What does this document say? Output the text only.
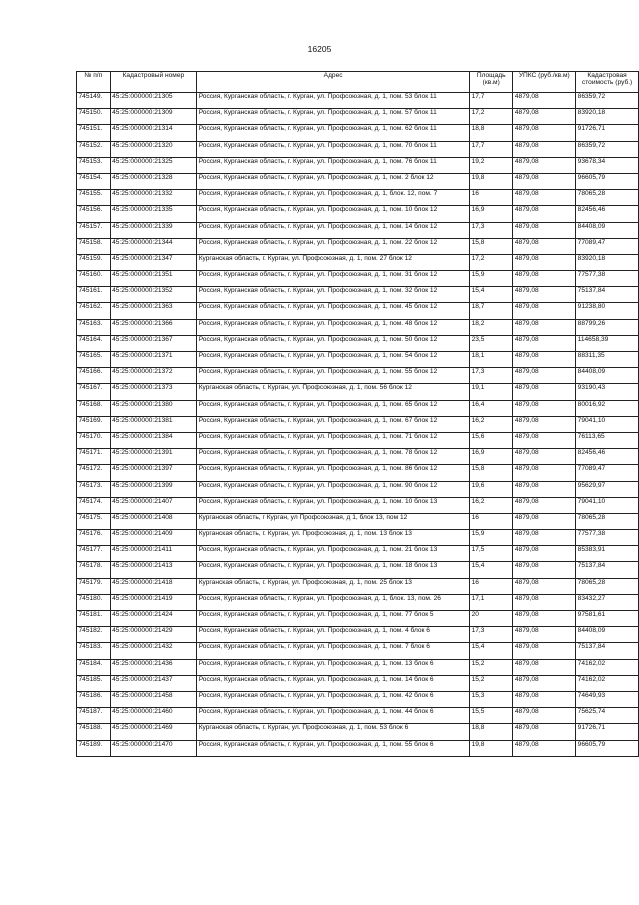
16205
№ п/п	Кадастровый номер	Адрес	Площадь (кв.м)	УПКС (руб./кв.м)	Кадастровая стоимость (руб.)
745149.	45:25:000000:21305	Россия, Курганская область, г. Курган, ул. Профсоюзная, д. 1, пом. 53 блок 11	17,7	4879,08	86359,72
745150.	45:25:000000:21309	Россия, Курганская область, г. Курган, ул. Профсоюзная, д. 1, пом. 57 блок 11	17,2	4879,08	83920,18
745151.	45:25:000000:21314	Россия, Курганская область, г. Курган, ул. Профсоюзная, д. 1, пом. 62 блок 11	18,8	4879,08	91726,71
745152.	45:25:000000:21320	Россия, Курганская область, г. Курган, ул. Профсоюзная, д. 1, пом. 70 блок 11	17,7	4879,08	86359,72
745153.	45:25:000000:21325	Россия, Курганская область, г. Курган, ул. Профсоюзная, д. 1, пом. 76 блок 11	19,2	4879,08	93678,34
745154.	45:25:000000:21328	Россия, Курганская область, г. Курган, ул. Профсоюзная, д. 1, пом. 2 блок 12	19,8	4879,08	96605,79
745155.	45:25:000000:21332	Россия, Курганская область, г. Курган, ул. Профсоюзная, д. 1, блок. 12, пом. 7	16	4879,08	78065,28
745156.	45:25:000000:21335	Россия, Курганская область, г. Курган, ул. Профсоюзная, д. 1, пом. 10 блок 12	16,9	4879,08	82456,46
745157.	45:25:000000:21339	Россия, Курганская область, г. Курган, ул. Профсоюзная, д. 1, пом. 14 блок 12	17,3	4879,08	84408,09
745158.	45:25:000000:21344	Россия, Курганская область, г. Курган, ул. Профсоюзная, д. 1, пом. 22 блок 12	15,8	4879,08	77089,47
745159.	45:25:000000:21347	Курганская область, г. Курган, ул. Профсоюзная, д. 1, пом. 27 блок 12	17,2	4879,08	83920,18
745160.	45:25:000000:21351	Россия, Курганская область, г. Курган, ул. Профсоюзная, д. 1, пом. 31 блок 12	15,9	4879,08	77577,38
745161.	45:25:000000:21352	Россия, Курганская область, г. Курган, ул. Профсоюзная, д. 1, пом. 32 блок 12	15,4	4879,08	75137,84
745162.	45:25:000000:21363	Россия, Курганская область, г. Курган, ул. Профсоюзная, д. 1, пом. 45 блок 12	18,7	4879,08	91238,80
745163.	45:25:000000:21366	Россия, Курганская область, г. Курган, ул. Профсоюзная, д. 1, пом. 48 блок 12	18,2	4879,08	88799,26
745164.	45:25:000000:21367	Россия, Курганская область, г. Курган, ул. Профсоюзная, д. 1, пом. 50 блок 12	23,5	4879,08	114658,39
745165.	45:25:000000:21371	Россия, Курганская область, г. Курган, ул. Профсоюзная, д. 1, пом. 54 блок 12	18,1	4879,08	88311,35
745166.	45:25:000000:21372	Россия, Курганская область, г. Курган, ул. Профсоюзная, д. 1, пом. 55 блок 12	17,3	4879,08	84408,09
745167.	45:25:000000:21373	Курганская область, г. Курган, ул. Профсоюзная, д. 1, пом. 56 блок 12	19,1	4879,08	93190,43
745168.	45:25:000000:21380	Россия, Курганская область, г. Курган, ул. Профсоюзная, д. 1, пом. 65 блок 12	16,4	4879,08	80016,92
745169.	45:25:000000:21381	Россия, Курганская область, г. Курган, ул. Профсоюзная, д. 1, пом. 67 блок 12	16,2	4879,08	79041,10
745170.	45:25:000000:21384	Россия, Курганская область, г. Курган, ул. Профсоюзная, д. 1, пом. 71 блок 12	15,6	4879,08	76113,65
745171.	45:25:000000:21391	Россия, Курганская область, г. Курган, ул. Профсоюзная, д. 1, пом. 78 блок 12	16,9	4879,08	82456,46
745172.	45:25:000000:21397	Россия, Курганская область, г. Курган, ул. Профсоюзная, д. 1, пом. 86 блок 12	15,8	4879,08	77089,47
745173.	45:25:000000:21399	Россия, Курганская область, г. Курган, ул. Профсоюзная, д. 1, пом. 90 блок 12	19,6	4879,08	95629,97
745174.	45:25:000000:21407	Россия, Курганская область, г. Курган, ул. Профсоюзная, д. 1, пом. 10 блок 13	16,2	4879,08	79041,10
745175.	45:25:000000:21408	Курганская область, г Курган, ул Профсоюзная, д 1, блок 13, пом 12	16	4879,08	78065,28
745176.	45:25:000000:21409	Курганская область, г. Курган, ул. Профсоюзная, д. 1, пом. 13 блок 13	15,9	4879,08	77577,38
745177.	45:25:000000:21411	Россия, Курганская область, г. Курган, ул. Профсоюзная, д. 1, пом. 21 блок 13	17,5	4879,08	85383,91
745178.	45:25:000000:21413	Россия, Курганская область, г. Курган, ул. Профсоюзная, д. 1, пом. 18 блок 13	15,4	4879,08	75137,84
745179.	45:25:000000:21418	Курганская область, г. Курган, ул. Профсоюзная, д. 1, пом. 25 блок 13	16	4879,08	78065,28
745180.	45:25:000000:21419	Россия, Курганская область, г. Курган, ул. Профсоюзная, д. 1, блок. 13, пом. 26	17,1	4879,08	83432,27
745181.	45:25:000000:21424	Россия, Курганская область, г. Курган, ул. Профсоюзная, д. 1, пом. 77 блок 5	20	4879,08	97581,61
745182.	45:25:000000:21429	Россия, Курганская область, г. Курган, ул. Профсоюзная, д. 1, пом. 4 блок 6	17,3	4879,08	84408,09
745183.	45:25:000000:21432	Россия, Курганская область, г. Курган, ул. Профсоюзная, д. 1, пом. 7 блок 6	15,4	4879,08	75137,84
745184.	45:25:000000:21436	Россия, Курганская область, г. Курган, ул. Профсоюзная, д. 1, пом. 13 блок 6	15,2	4879,08	74162,02
745185.	45:25:000000:21437	Россия, Курганская область, г. Курган, ул. Профсоюзная, д. 1, пом. 14 блок 6	15,2	4879,08	74162,02
745186.	45:25:000000:21458	Россия, Курганская область, г. Курган, ул. Профсоюзная, д. 1, пом. 42 блок 6	15,3	4879,08	74649,93
745187.	45:25:000000:21460	Россия, Курганская область, г. Курган, ул. Профсоюзная, д. 1, пом. 44 блок 6	15,5	4879,08	75625,74
745188.	45:25:000000:21469	Курганская область, г. Курган, ул. Профсоюзная, д. 1, пом. 53 блок 6	18,8	4879,08	91726,71
745189.	45:25:000000:21470	Россия, Курганская область, г. Курган, ул. Профсоюзная, д. 1, пом. 55 блок 6	19,8	4879,08	96605,79
